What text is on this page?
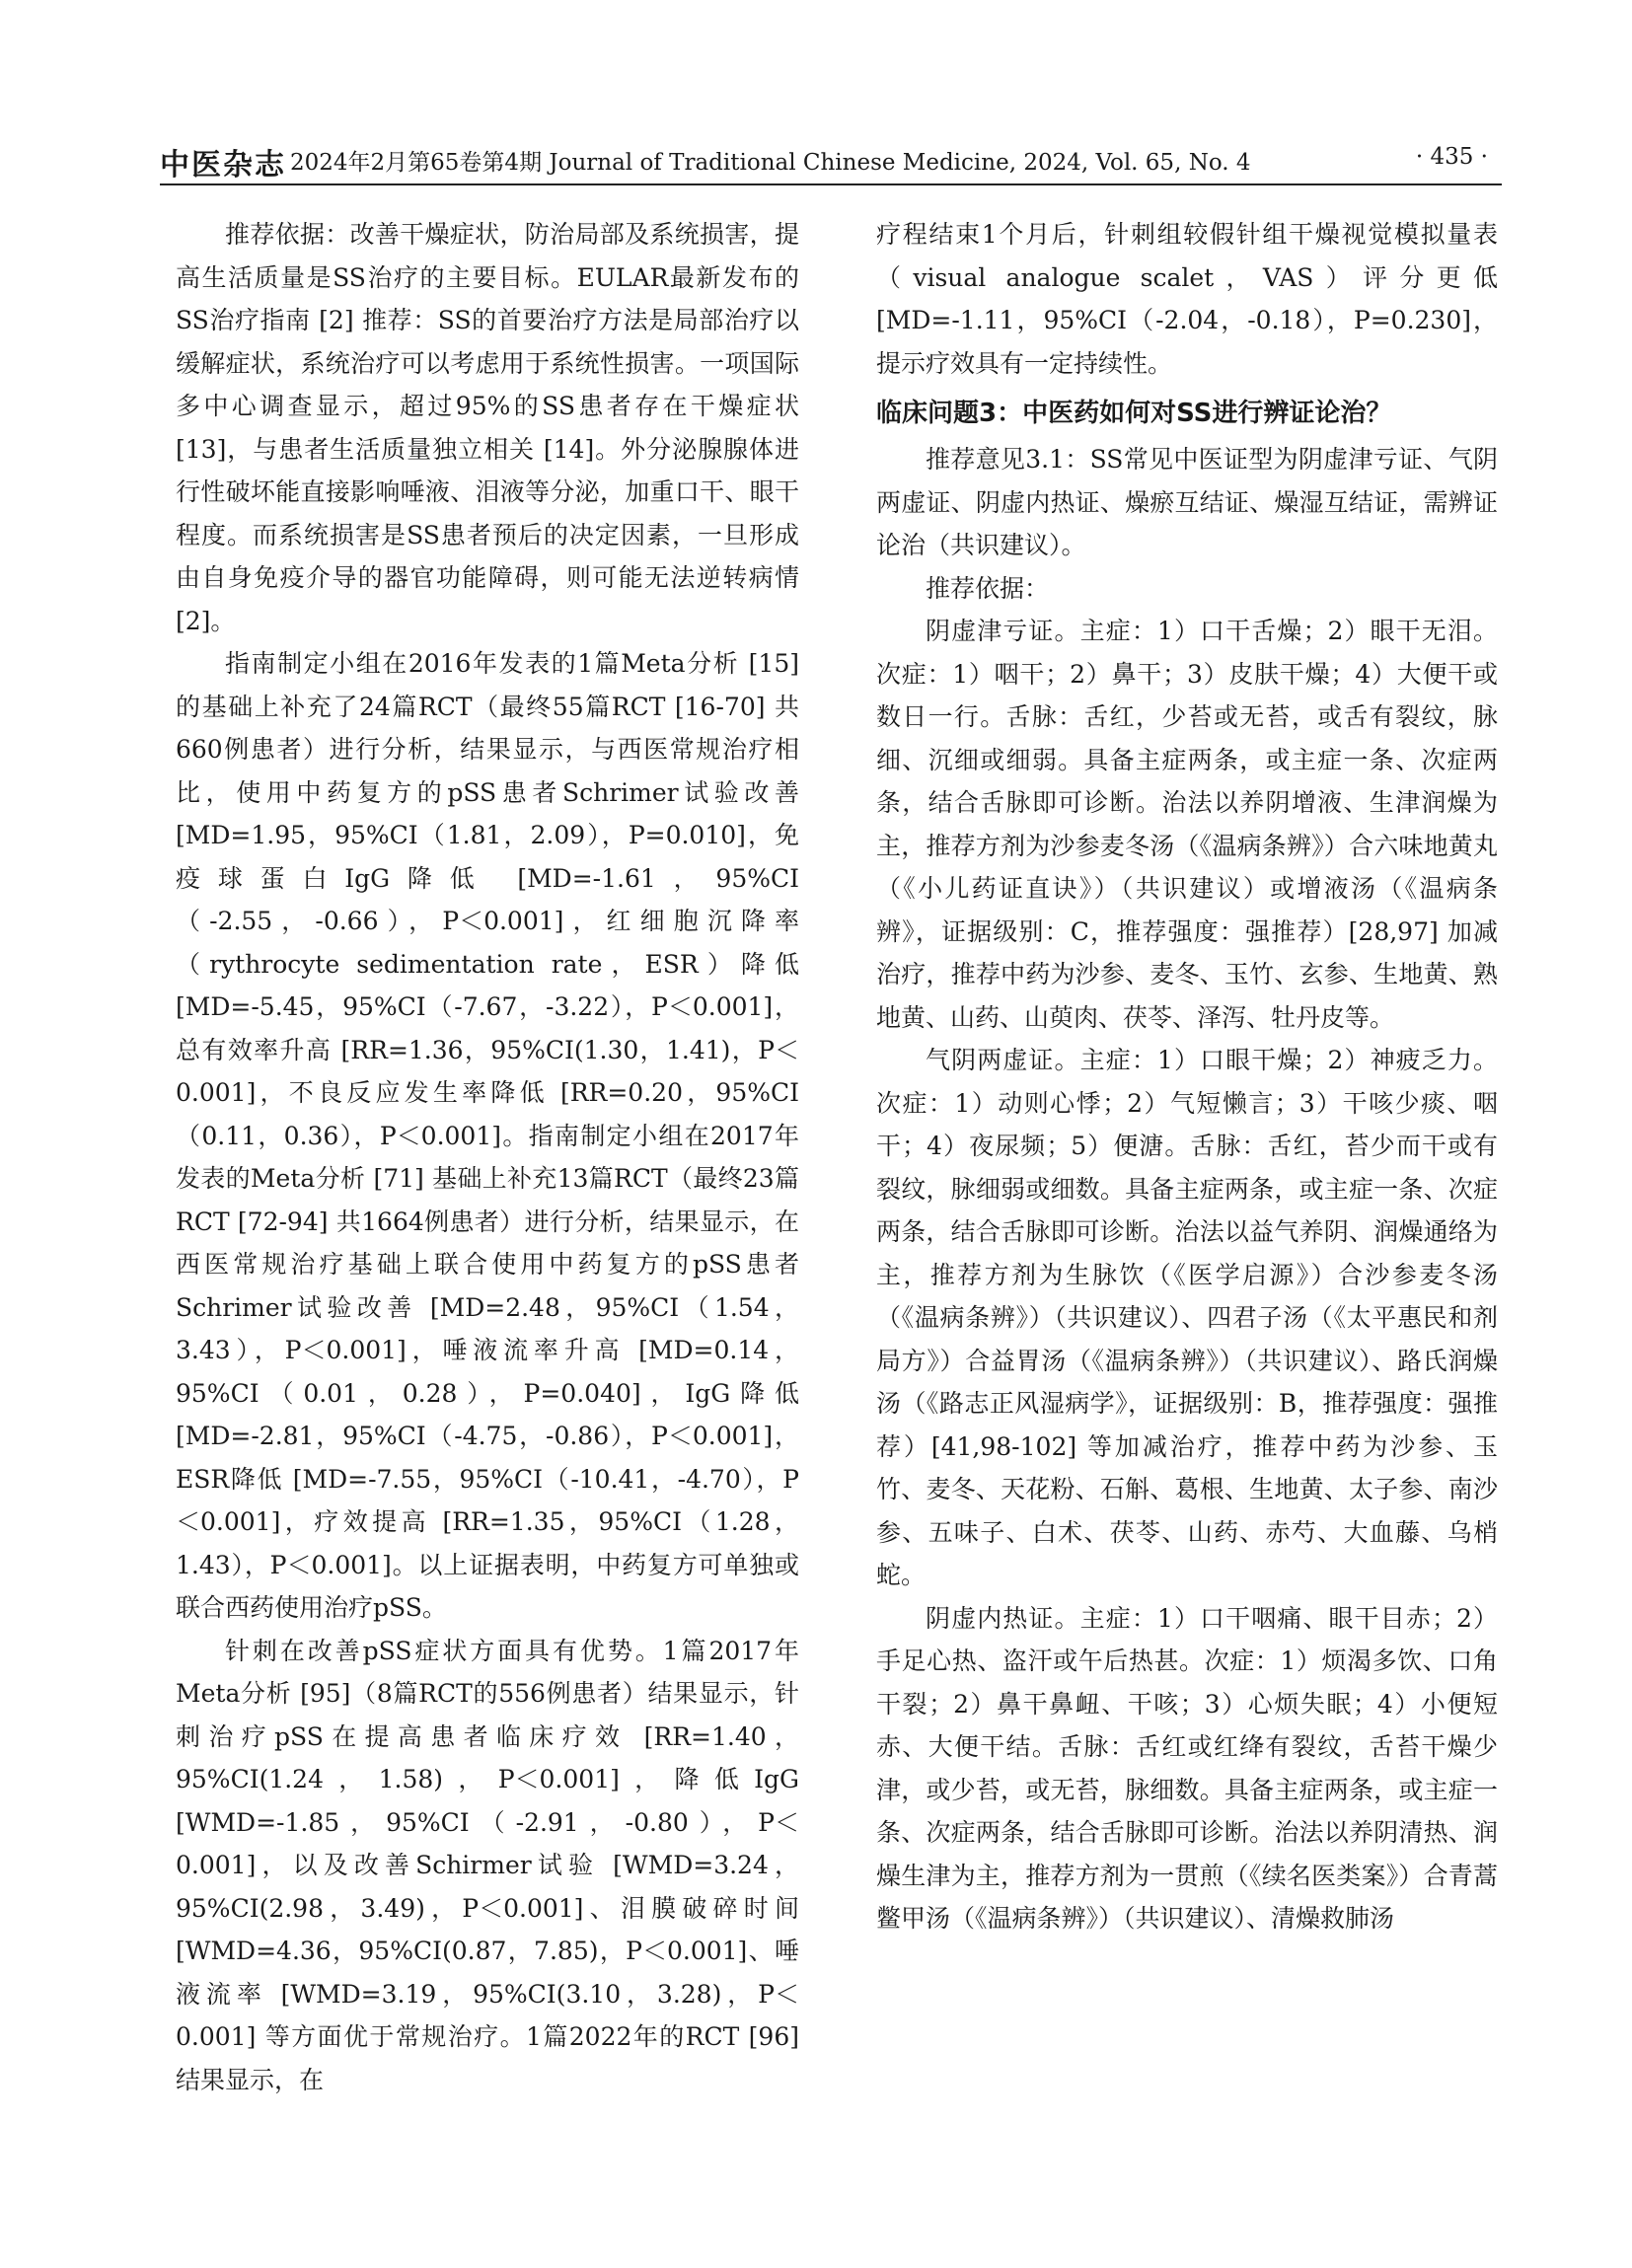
中医杂志 2024年2月第65卷第4期 Journal of Traditional Chinese Medicine, 2024, Vol. 65, No. 4	· 435 ·

推荐依据：改善干燥症状，防治局部及系统损害，提高生活质量是SS治疗的主要目标。EULAR最新发布的SS治疗指南 [2] 推荐：SS的首要治疗方法是局部治疗以缓解症状，系统治疗可以考虑用于系统性损害。一项国际多中心调查显示，超过95%的SS患者存在干燥症状 [13]，与患者生活质量独立相关 [14]。外分泌腺腺体进行性破坏能直接影响唾液、泪液等分泌，加重口干、眼干程度。而系统损害是SS患者预后的决定因素，一旦形成由自身免疫介导的器官功能障碍，则可能无法逆转病情 [2]。

指南制定小组在2016年发表的1篇Meta分析 [15] 的基础上补充了24篇RCT（最终55篇RCT [16-70] 共660例患者）进行分析，结果显示，与西医常规治疗相比，使用中药复方的pSS患者Schrimer试验改善 [MD=1.95，95%CI（1.81，2.09），P=0.010]，免疫球蛋白IgG降低 [MD=-1.61，95%CI（-2.55，-0.66），P＜0.001]，红细胞沉降率（rythrocyte sedimentation rate，ESR）降低 [MD=-5.45，95%CI（-7.67，-3.22），P＜0.001]，总有效率升高 [RR=1.36，95%CI(1.30，1.41)，P＜0.001]，不良反应发生率降低 [RR=0.20，95%CI（0.11，0.36），P＜0.001]。指南制定小组在2017年发表的Meta分析 [71] 基础上补充13篇RCT（最终23篇RCT [72-94] 共1664例患者）进行分析，结果显示，在西医常规治疗基础上联合使用中药复方的pSS患者Schrimer试验改善 [MD=2.48，95%CI（1.54，3.43），P＜0.001]，唾液流率升高 [MD=0.14，95%CI（0.01，0.28），P=0.040]，IgG降低 [MD=-2.81，95%CI（-4.75，-0.86），P＜0.001]，ESR降低 [MD=-7.55，95%CI（-10.41，-4.70），P＜0.001]，疗效提高 [RR=1.35，95%CI（1.28，1.43），P＜0.001]。以上证据表明，中药复方可单独或联合西药使用治疗pSS。

针刺在改善pSS症状方面具有优势。1篇2017年Meta分析 [95]（8篇RCT的556例患者）结果显示，针刺治疗pSS在提高患者临床疗效 [RR=1.40，95%CI(1.24，1.58)，P＜0.001]，降低IgG [WMD=-1.85，95%CI（-2.91，-0.80），P＜0.001]，以及改善Schirmer试验 [WMD=3.24，95%CI(2.98，3.49)，P＜0.001]、泪膜破碎时间 [WMD=4.36，95%CI(0.87，7.85)，P＜0.001]、唾液流率 [WMD=3.19，95%CI(3.10，3.28)，P＜0.001] 等方面优于常规治疗。1篇2022年的RCT [96] 结果显示，在

疗程结束1个月后，针刺组较假针组干燥视觉模拟量表（visual analogue scalet，VAS）评分更低 [MD=-1.11，95%CI（-2.04，-0.18），P=0.230]，提示疗效具有一定持续性。

临床问题3：中医药如何对SS进行辨证论治？

推荐意见3.1：SS常见中医证型为阴虚津亏证、气阴两虚证、阴虚内热证、燥瘀互结证、燥湿互结证，需辨证论治（共识建议）。

推荐依据：

阴虚津亏证。主症：1）口干舌燥；2）眼干无泪。次症：1）咽干；2）鼻干；3）皮肤干燥；4）大便干或数日一行。舌脉：舌红，少苔或无苔，或舌有裂纹，脉细、沉细或细弱。具备主症两条，或主症一条、次症两条，结合舌脉即可诊断。治法以养阴增液、生津润燥为主，推荐方剂为沙参麦冬汤（《温病条辨》）合六味地黄丸（《小儿药证直诀》）（共识建议）或增液汤（《温病条辨》，证据级别：C，推荐强度：强推荐）[28,97] 加减治疗，推荐中药为沙参、麦冬、玉竹、玄参、生地黄、熟地黄、山药、山萸肉、茯苓、泽泻、牡丹皮等。

气阴两虚证。主症：1）口眼干燥；2）神疲乏力。次症：1）动则心悸；2）气短懒言；3）干咳少痰、咽干；4）夜尿频；5）便溏。舌脉：舌红，苔少而干或有裂纹，脉细弱或细数。具备主症两条，或主症一条、次症两条，结合舌脉即可诊断。治法以益气养阴、润燥通络为主，推荐方剂为生脉饮（《医学启源》）合沙参麦冬汤（《温病条辨》）（共识建议）、四君子汤（《太平惠民和剂局方》）合益胃汤（《温病条辨》）（共识建议）、路氏润燥汤（《路志正风湿病学》，证据级别：B，推荐强度：强推荐）[41,98-102] 等加减治疗，推荐中药为沙参、玉竹、麦冬、天花粉、石斛、葛根、生地黄、太子参、南沙参、五味子、白术、茯苓、山药、赤芍、大血藤、乌梢蛇。

阴虚内热证。主症：1）口干咽痛、眼干目赤；2）手足心热、盗汗或午后热甚。次症：1）烦渴多饮、口角干裂；2）鼻干鼻衄、干咳；3）心烦失眠；4）小便短赤、大便干结。舌脉：舌红或红绛有裂纹，舌苔干燥少津，或少苔，或无苔，脉细数。具备主症两条，或主症一条、次症两条，结合舌脉即可诊断。治法以养阴清热、润燥生津为主，推荐方剂为一贯煎（《续名医类案》）合青蒿鳖甲汤（《温病条辨》）（共识建议）、清燥救肺汤
